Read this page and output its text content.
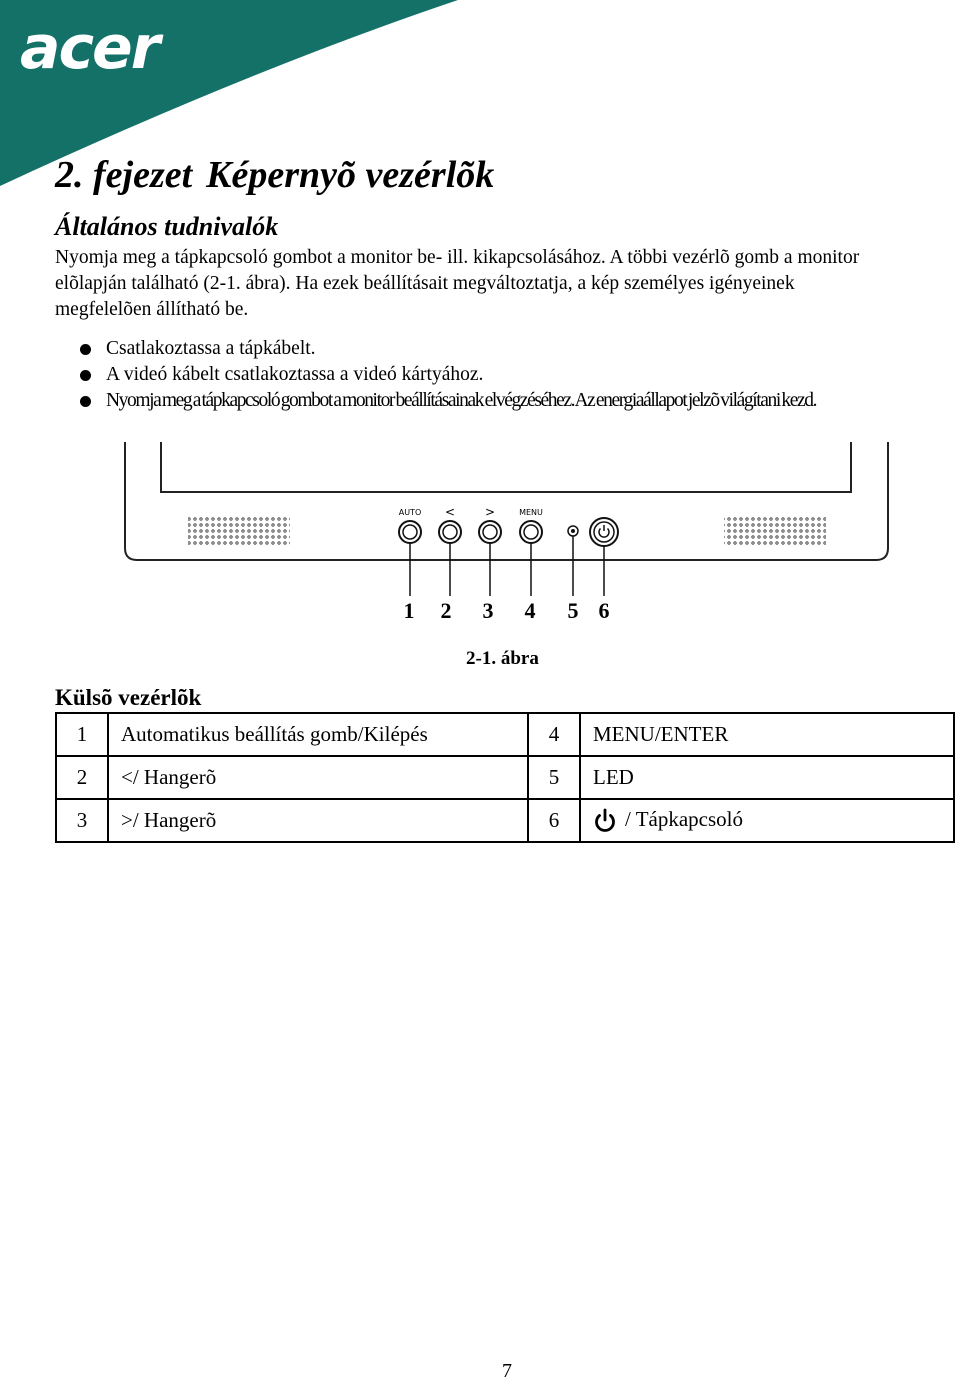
acer
2. fejezet Képernyõ vezérlõk
Általános tudnivalók
Nyomja meg a tápkapcsoló gombot a monitor be- ill. kikapcsolásához. A többi vezérlõ gomb a monitor elõlapján található (2-1. ábra). Ha ezek beállításait megváltoztatja, a kép személyes igényeinek megfelelõen állítható be.
Csatlakoztassa a tápkábelt.
A videó kábelt csatlakoztassa a videó kártyához.
Nyomja meg a tápkapcsoló gombot a monitor beállításainak elvégzéséhez. Az energiaállapot jelzõ világítani kezd.
AUTO < >	MENU
1 2 3 4 5 6
2-1. ábra
Külsõ vezérlõk
1	Automatikus beállítás gomb/Kilépés	4	MENU/ENTER
2	</ Hangerõ	5	LED
3	>/ Hangerõ	6	/ Tápkapcsoló
7
